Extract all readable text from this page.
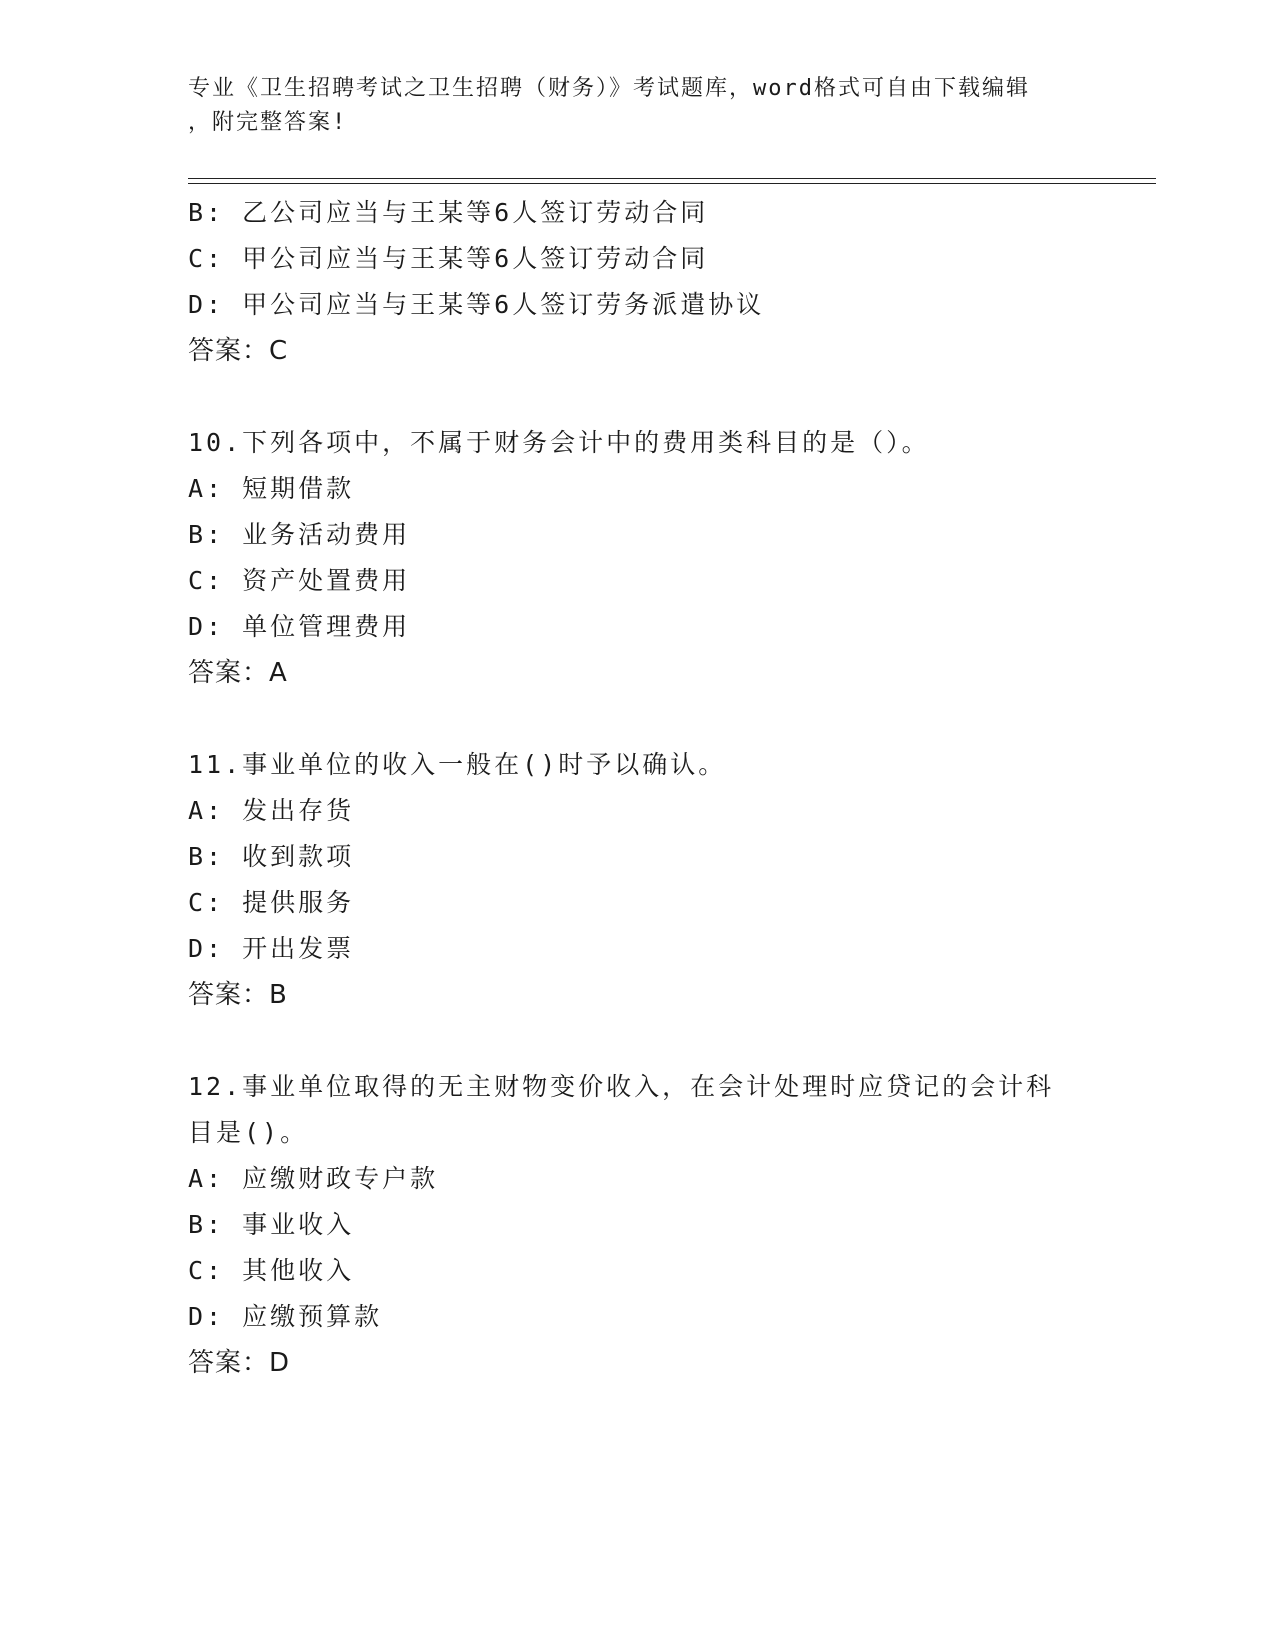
专业《卫生招聘考试之卫生招聘（财务）》考试题库，word格式可自由下载编辑
，附完整答案!
B: 乙公司应当与王某等6人签订劳动合同
C: 甲公司应当与王某等6人签订劳动合同
D: 甲公司应当与王某等6人签订劳务派遣协议
答案：C
10.下列各项中，不属于财务会计中的费用类科目的是（）。
A: 短期借款
B: 业务活动费用
C: 资产处置费用
D: 单位管理费用
答案：A
11.事业单位的收入一般在()时予以确认。
A: 发出存货
B: 收到款项
C: 提供服务
D: 开出发票
答案：B
12.事业单位取得的无主财物变价收入，在会计处理时应贷记的会计科
目是()。
A: 应缴财政专户款
B: 事业收入
C: 其他收入
D: 应缴预算款
答案：D
